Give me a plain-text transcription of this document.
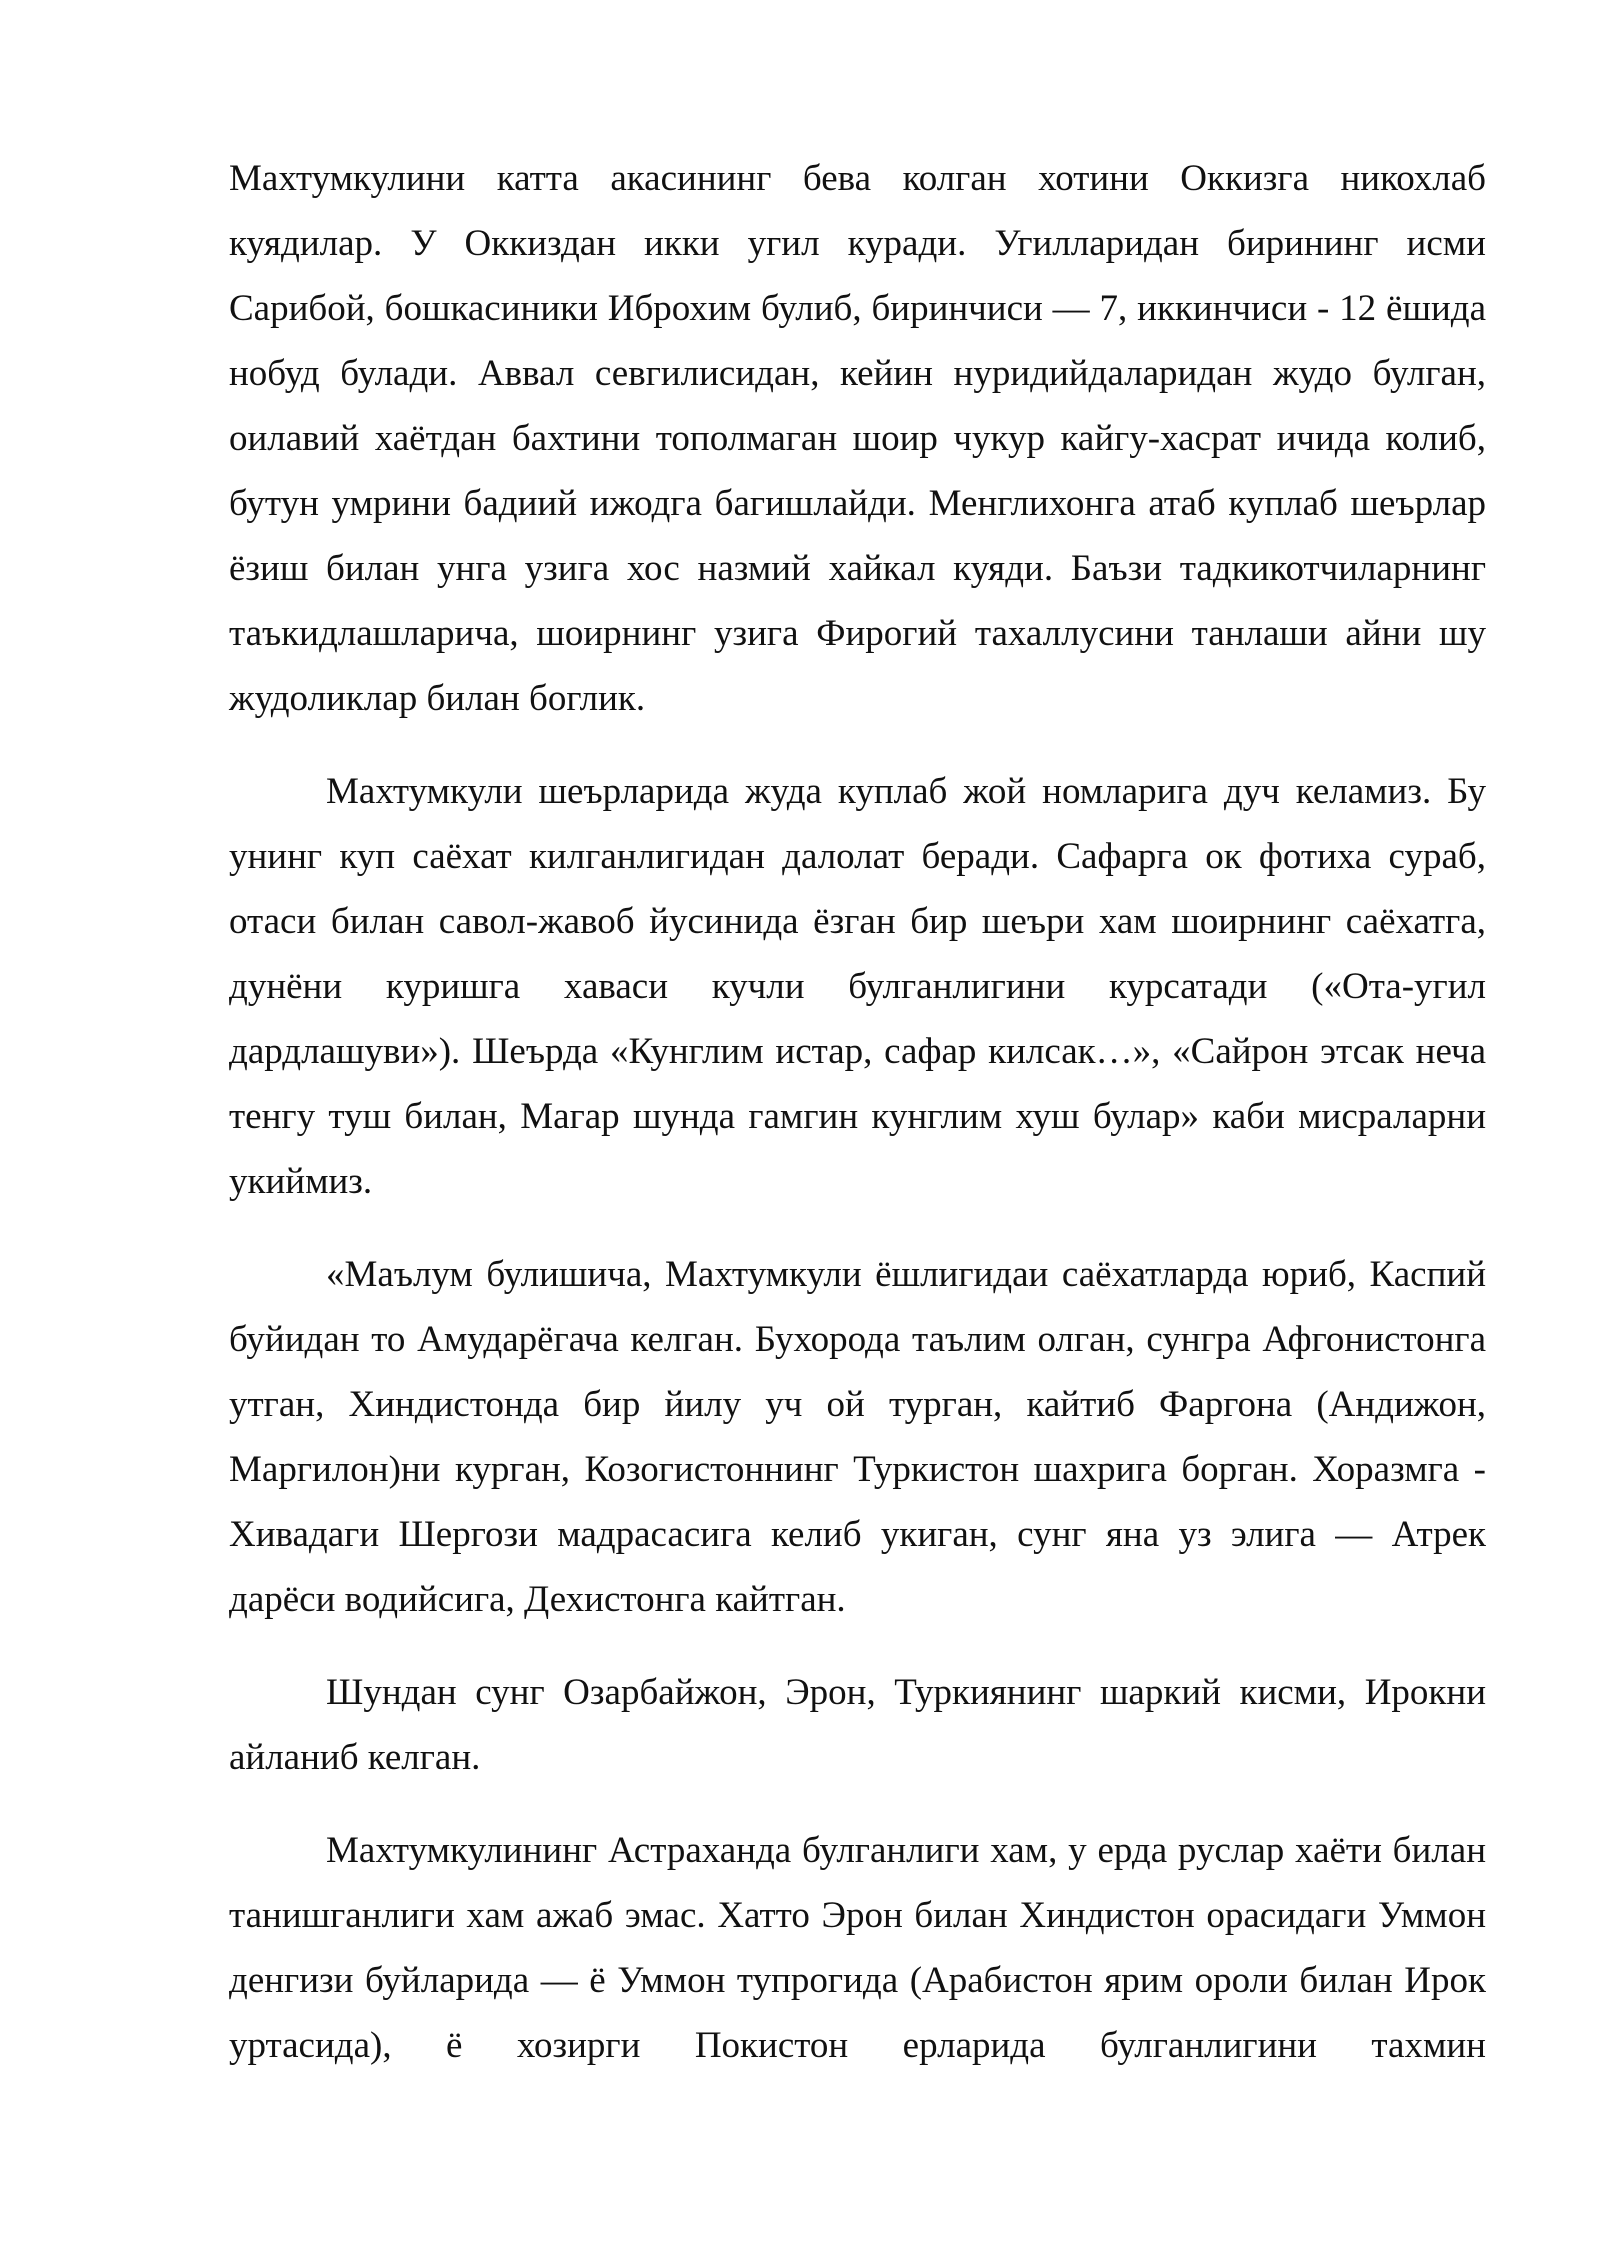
Махтумкулини катта акасининг бева колган хотини Оккизга никохлаб куядилар. У Оккиздан икки угил куради. Угилларидан бирининг исми Сарибой, бошкасиники Иброхим булиб, биринчиси — 7, иккинчиси - 12 ёшида нобуд булади. Аввал севгилисидан, кейин нуридийдаларидан жудо булган, оилавий хаётдан бахтини тополмаган шоир чукур кайгу-хасрат ичида колиб, бутун умрини бадиий ижодга багишлайди. Менглихонга атаб куплаб шеърлар ёзиш билан унга узига хос назмий хайкал куяди. Баъзи тадкикотчиларнинг таъкидлашларича, шоирнинг узига Фирогий тахаллусини танлаши айни шу жудоликлар билан боглик.

Махтумкули шеърларида жуда куплаб жой номларига дуч келамиз. Бу унинг куп саёхат килганлигидан далолат беради. Сафарга ок фотиха сураб, отаси билан савол-жавоб йусинида ёзган бир шеъри хам шоирнинг саёхатга, дунёни куришга хаваси кучли булганлигини курсатади («Ота-угил дардлашуви»). Шеърда «Кунглим истар, сафар килсак…», «Сайрон этсак неча тенгу туш билан, Магар шунда гамгин кунглим хуш булар» каби мисраларни укиймиз.

«Маълум булишича, Махтумкули ёшлигидаи саёхатларда юриб, Каспий буйидан то Амударёгача келган. Бухорода таълим олган, сунгра Афгонистонга утган, Хиндистонда бир йилу уч ой турган, кайтиб Фаргона (Андижон, Маргилон)ни курган, Козогистоннинг Туркистон шахрига борган. Хоразмга - Хивадаги Шергози мадрасасига келиб укиган, сунг яна уз элига — Атрек дарёси водийсига, Дехистонга кайтган.

Шундан сунг Озарбайжон, Эрон, Туркиянинг шаркий кисми, Ирокни айланиб келган.

Махтумкулининг Астраханда булганлиги хам, у ерда руслар хаёти билан танишганлиги хам ажаб эмас. Хатто Эрон билан Хиндистон орасидаги Уммон денгизи буйларида — ё Уммон тупрогида (Арабистон ярим ороли билан Ирок уртасида), ё хозирги Покистон ерларида булганлигини тахмин
